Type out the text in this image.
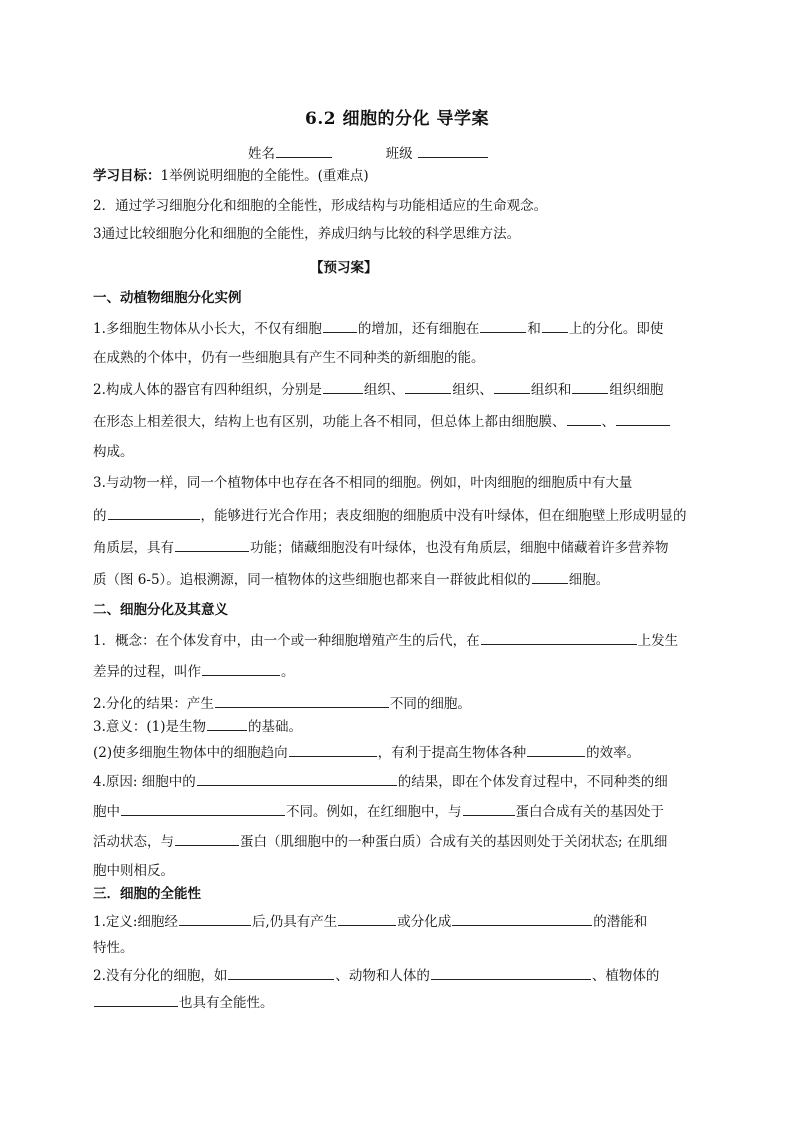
6.2 细胞的分化 导学案
姓名	班级
学习目标：1举例说明细胞的全能性。(重难点)
2．通过学习细胞分化和细胞的全能性，形成结构与功能相适应的生命观念。
3通过比较细胞分化和细胞的全能性，养成归纳与比较的科学思维方法。
【预习案】
一、动植物细胞分化实例
1.多细胞生物体从小长大，不仅有细胞	的增加，还有细胞在	和 上的分化。即使
在成熟的个体中，仍有一些细胞具有产生不同种类的新细胞的能。
2.构成人体的器官有四种组织，分别是	组织、	组织、	组织和	组织细胞
在形态上相差很大，结构上也有区别，功能上各不相同，但总体上都由细胞膜、	、
构成。
3.与动物一样，同一个植物体中也存在各不相同的细胞。例如，叶肉细胞的细胞质中有大量
的	，能够进行光合作用；表皮细胞的细胞质中没有叶绿体，但在细胞壁上形成明显的
角质层，具有	功能；储藏细胞没有叶绿体，也没有角质层，细胞中储藏着许多营养物
质（图 6-5）。追根溯源，同一植物体的这些细胞也都来自一群彼此相似的	细胞。
二、细胞分化及其意义
1．概念：在个体发育中，由一个或一种细胞增殖产生的后代，在	上发生
差异的过程，叫作	。
2.分化的结果：产生	不同的细胞。
3.意义：(1)是生物	的基础。
(2)使多细胞生物体中的细胞趋向	，有利于提高生物体各种	的效率。
4.原因: 细胞中的	的结果，即在个体发育过程中，不同种类的细
胞中	不同。例如，在红细胞中，与	蛋白合成有关的基因处于
活动状态，与	蛋白（肌细胞中的一种蛋白质）合成有关的基因则处于关闭状态; 在肌细
胞中则相反。
三．细胞的全能性
1.定义:细胞经	后,仍具有产生	或分化成	的潜能和
特性。
2.没有分化的细胞，如	、动物和人体的	、植物体的
也具有全能性。
